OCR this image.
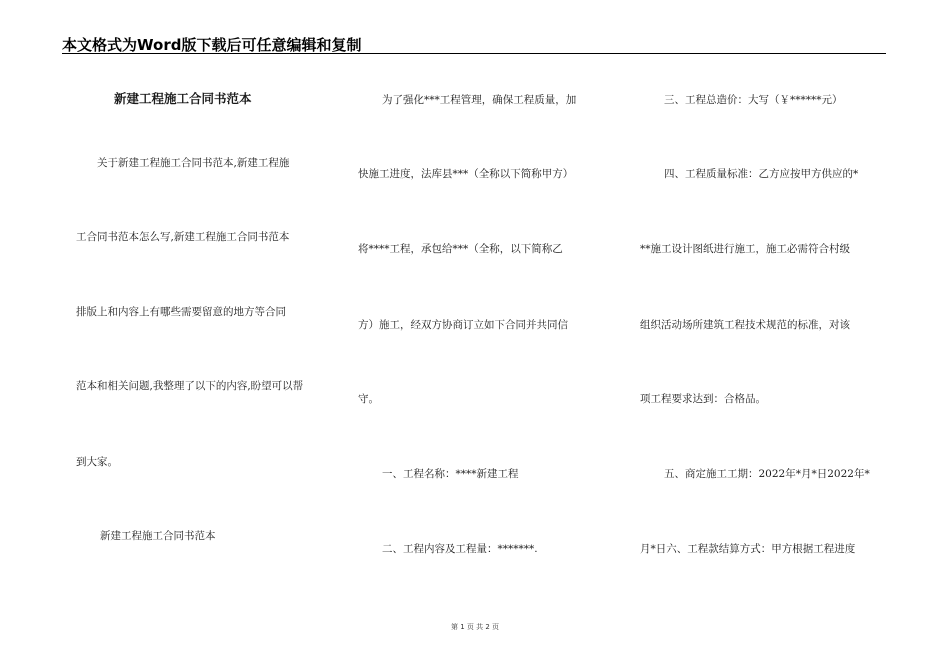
本文格式为Word版下载后可任意编辑和复制
新建工程施工合同书范本
关于新建工程施工合同书范本,新建工程施
工合同书范本怎么写,新建工程施工合同书范本
排版上和内容上有哪些需要留意的地方等合同
范本和相关问题,我整理了以下的内容,盼望可以帮
到大家。
新建工程施工合同书范本
为了强化***工程管理，确保工程质量，加
快施工进度，法库县***（全称以下简称甲方）
将****工程，承包给***（全称，以下简称乙
方）施工，经双方协商订立如下合同并共同信
守。
一、工程名称：****新建工程
二、工程内容及工程量：*******.
三、工程总造价：大写（￥******元）
四、工程质量标准：乙方应按甲方供应的*
**施工设计图纸进行施工，施工必需符合村级
组织活动场所建筑工程技术规范的标准，对该
项工程要求达到：合格品。
五、商定施工工期：2022年*月*日2022年*
月*日六、工程款结算方式：甲方根据工程进度
第 1 页 共 2 页
